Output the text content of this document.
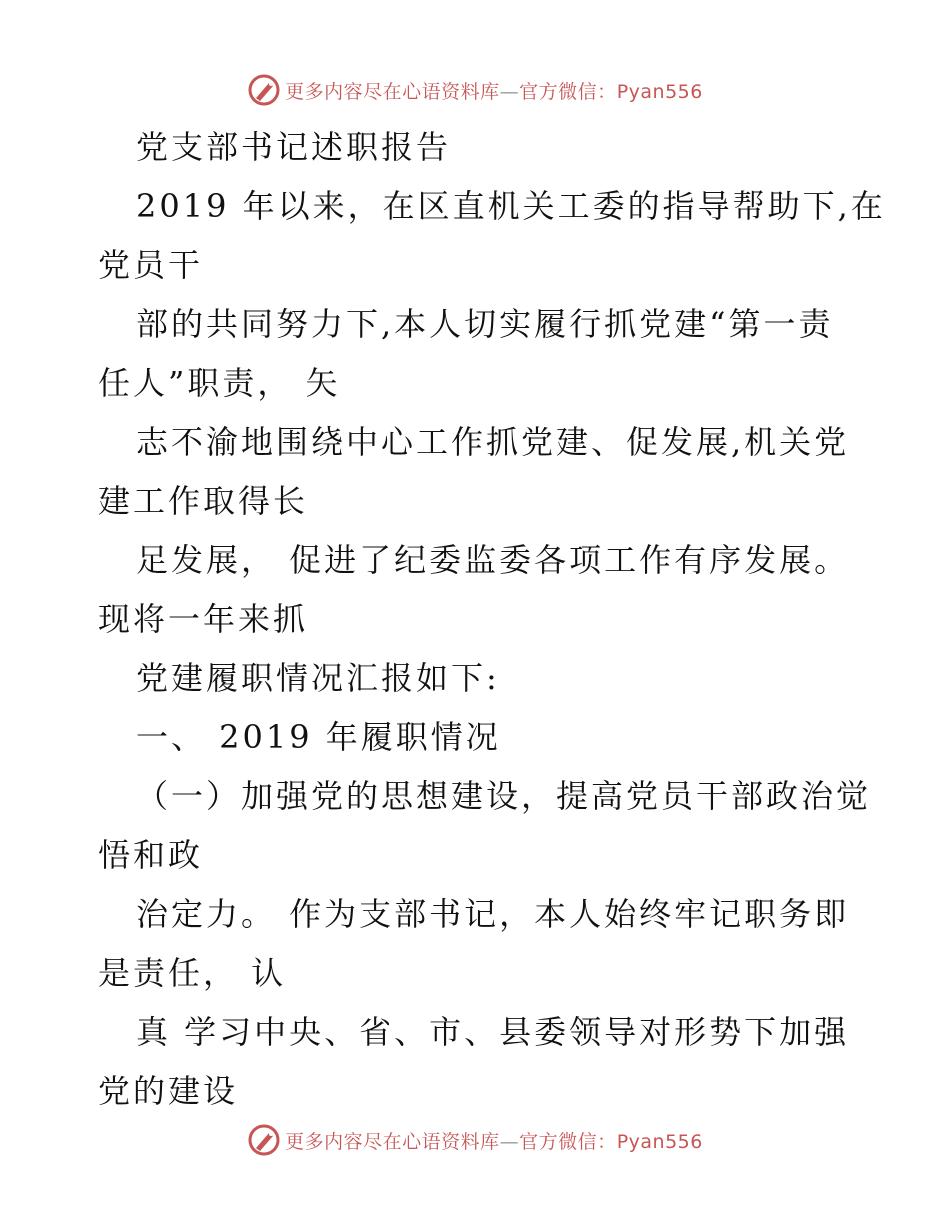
更多内容尽在心语资料库—官方微信：Pyan556
党支部书记述职报告
2019 年以来，在区直机关工委的指导帮助下,在
党员干
部的共同努力下,本人切实履行抓党建“第一责
任人”职责， 矢
志不渝地围绕中心工作抓党建、促发展,机关党
建工作取得长
足发展， 促进了纪委监委各项工作有序发展。
现将一年来抓
党建履职情况汇报如下:
一、 2019 年履职情况
（一）加强党的思想建设，提高党员干部政治觉
悟和政
治定力。 作为支部书记，本人始终牢记职务即
是责任， 认
真 学习中央、省、市、县委领导对形势下加强
党的建设
更多内容尽在心语资料库—官方微信：Pyan556
